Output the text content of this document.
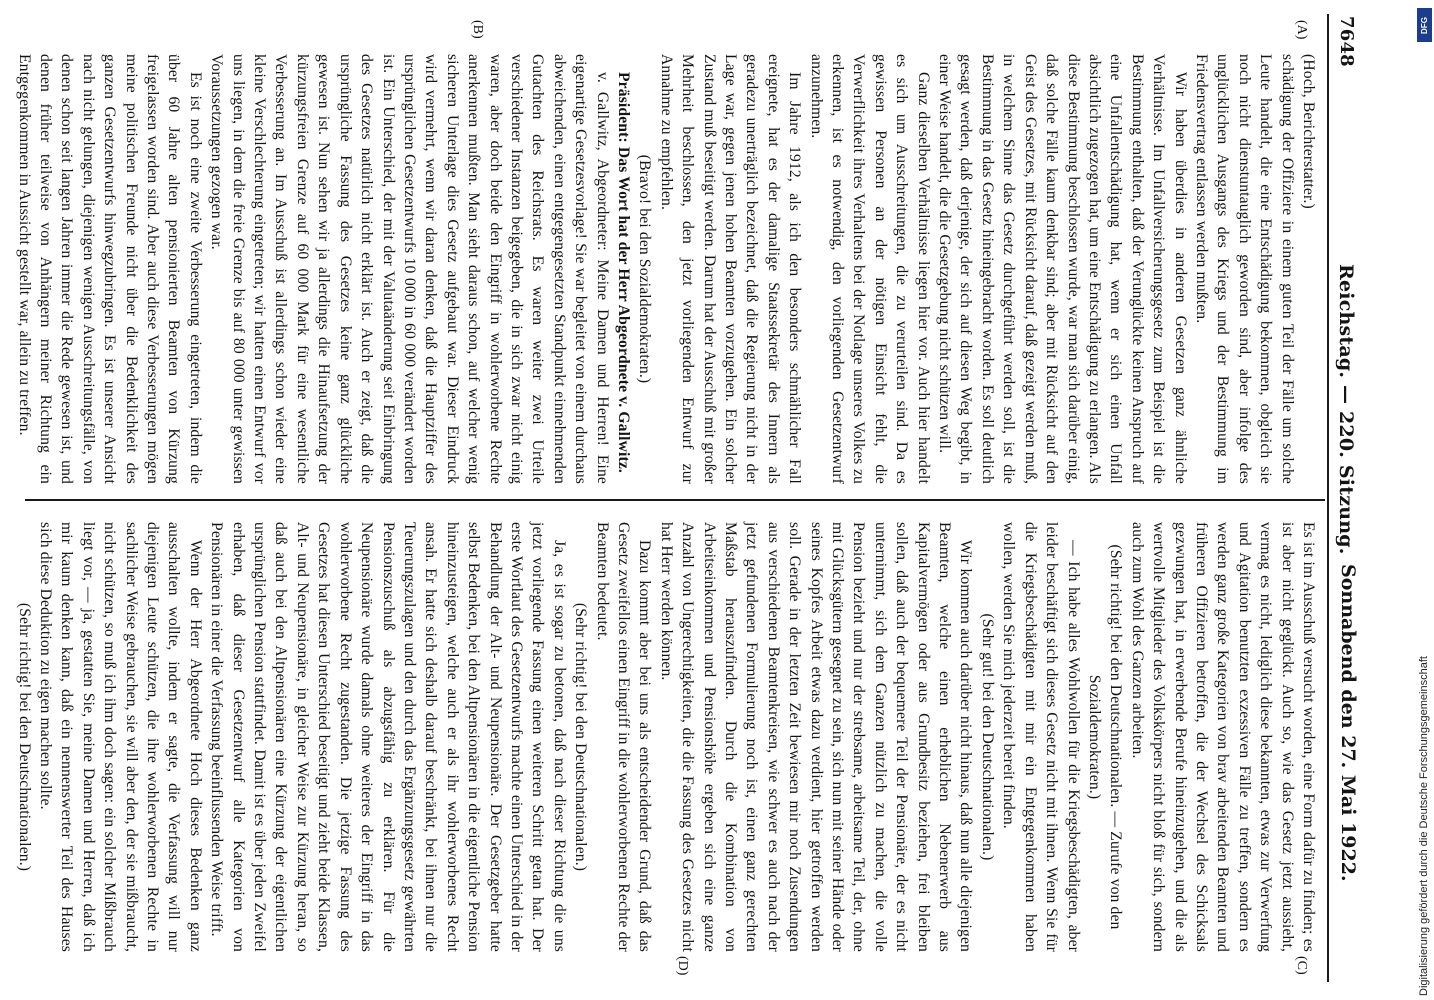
7648
Reichstag. — 220. Sitzung.
Sonnabend den 27. Mai 1922.
(A)
(B)
(C)
(D)

(Hoch, Berichterstatter.)

schädigung der Offiziere in einem guten Teil der Fälle um solche Leute handelt, die eine Entschädigung bekommen, obgleich sie noch nicht dienstuntauglich geworden sind, aber infolge des unglücklichen Ausgangs des Kriegs und der Bestimmung im Friedensvertrag entlassen werden mußten.

Wir haben überdies in anderen Gesetzen ganz ähnliche Verhältnisse. Im Unfallversicherungsgesetz zum Beispiel ist die Bestimmung enthalten, daß der Verunglückte keinen Anspruch auf eine Unfallentschädigung hat, wenn er sich einen Unfall absichtlich zugezogen hat, um eine Entschädigung zu erlangen. Als diese Bestimmung beschlossen wurde, war man sich darüber einig, daß solche Fälle kaum denkbar sind; aber mit Rücksicht auf den Geist des Gesetzes, mit Rücksicht darauf, daß gezeigt werden muß, in welchem Sinne das Gesetz durchgeführt werden soll, ist die Bestimmung in das Gesetz hineingebracht worden. Es soll deutlich gesagt werden, daß derjenige, der sich auf diesen Weg begibt, in einer Weise handelt, die die Gesetzgebung nicht schützen will.

Ganz dieselben Verhältnisse liegen hier vor. Auch hier handelt es sich um Ausschreitungen, die zu verurteilen sind. Da es gewissen Personen an der nötigen Einsicht fehlt, die Verwerflichkeit ihres Verhaltens bei der Notlage unseres Volkes zu erkennen, ist es notwendig, den vorliegenden Gesetzentwurf anzunehmen.

Im Jahre 1912, als ich den besonders schmählicher Fall ereignete, hat es der damalige Staatssekretär des Innern als geradezu unerträglich bezeichnet, daß die Regierung nicht in der Lage war, gegen jenen hohen Beamten vorzugehen. Ein solcher Zustand muß beseitigt werden. Darum hat der Ausschuß mit großer Mehrheit beschlossen, den jetzt vorliegenden Entwurf zur Annahme zu empfehlen.

(Bravo! bei den Sozialdemokraten.)

Präsident: Das Wort hat der Herr Abgeordnete v. Gallwitz.

v. Gallwitz, Abgeordneter: Meine Damen und Herren! Eine eigenartige Gesetzesvorlage! Sie war begleitet von einem durchaus abweichenden, einen entgegengesetzten Standpunkt einnehmenden Gutachten des Reichsrats. Es waren weiter zwei Urteile verschiedener Instanzen beigegeben, die in sich zwar nicht einig waren, aber doch beide den Eingriff in wohlerworbene Rechte anerkennen mußten. Man sieht daraus schon, auf welcher wenig sicheren Unterlage dies Gesetz aufgebaut war. Dieser Eindruck wird vermehrt, wenn wir daran denken, daß die Hauptziffer des ursprünglichen Gesetzentwurfs 10 000 in 60 000 verändert worden ist. Ein Unterschied, der mit der Valutaänderung seit Einbringung des Gesetzes natürlich nicht erklärt ist. Auch er zeigt, daß die ursprüngliche Fassung des Gesetzes keine ganz glückliche gewesen ist. Nun sehen wir ja allerdings die Hinaufsetzung der kürzungsfreien Grenze auf 60 000 Mark für eine wesentliche Verbesserung an. Im Ausschuß ist allerdings schon wieder eine kleine Verschlechterung eingetreten; wir hatten einen Entwurf vor uns liegen, in dem die freie Grenze bis auf 80 000 unter gewissen Voraussetzungen gezogen war.

Es ist noch eine zweite Verbesserung eingetreten, indem die über 60 Jahre alten pensionierten Beamten von Kürzung freigelassen worden sind. Aber auch diese Verbesserungen mögen meine politischen Freunde nicht über die Bedenklichkeit des ganzen Gesetzentwurfs hinwegzubringen. Es ist unserer Ansicht nach nicht gelungen, diejenigen wenigen Ausschreitungsfälle, von denen schon seit langen Jahren immer die Rede gewesen ist, und denen früher teilweise von Anhängern meiner Richtung ein Entgegenkommen in Aussicht gestellt war, allein zu treffen.

Es ist im Ausschuß versucht worden, eine Form dafür zu finden; es ist aber nicht geglückt. Auch so, wie das Gesetz jetzt aussieht, vermag es nicht, lediglich diese bekannten, etwas zur Verwerfung und Agitation benutzten exzessiven Fälle zu treffen, sondern es werden ganz große Kategorien von brav arbeitenden Beamten und früheren Offizieren betroffen, die der Wechsel des Schicksals gezwungen hat, in erwerbende Berufe hineinzugehen, und die als wertvolle Mitglieder des Volkskörpers nicht bloß für sich, sondern auch zum Wohl des Ganzen arbeiten.

(Sehr richtig! bei den Deutschnationalen. — Zurufe von den Sozialdemokraten.)

— Ich habe alles Wohlwollen für die Kriegsbeschädigten, aber leider beschäftigt sich dieses Gesetz nicht mit ihnen. Wenn Sie für die Kriegsbeschädigten mit mir ein Entgegenkommen haben wollen, werden Sie mich jederzeit bereit finden.

(Sehr gut! bei den Deutschnationalen.)

Wir kommen auch darüber nicht hinaus, daß nun alle diejenigen Beamten, welche einen erheblichen Nebenerwerb aus Kapitalvermögen oder aus Grundbesitz beziehen, frei bleiben sollen, daß auch der bequemere Teil der Pensionäre, der es nicht unternimmt, sich dem Ganzen nützlich zu machen, die volle Pension bezieht und nur der strebsame, arbeitsame Teil, der, ohne mit Glücksgütern gesegnet zu sein, sich nun mit seiner Hände oder seines Kopfes Arbeit etwas dazu verdient, hier getroffen werden soll. Gerade in der letzten Zeit bewiesen mir noch Zusendungen aus verschiedenen Beamtenkreisen, wie schwer es auch nach der jetzt gefundenen Formulierung noch ist, einen ganz gerechten Maßstab herauszufinden. Durch die Kombination von Arbeitseinkommen und Pensionshöhe ergeben sich eine ganze Anzahl von Ungerechtigkeiten, die die Fassung des Gesetzes nicht hat Herr werden können.

Dazu kommt aber bei uns als entscheidender Grund, daß das Gesetz zweifellos einen Eingriff in die wohlerworbenen Rechte der Beamten bedeutet.

(Sehr richtig! bei den Deutschnationalen.)

Ja, es ist sogar zu betonen, daß nach dieser Richtung die uns jetzt vorliegende Fassung einen weiteren Schritt getan hat. Der erste Wortlaut des Gesetzentwurfs machte einen Unterschied in der Behandlung der Alt- und Neupensionäre. Der Gesetzgeber hatte selbst Bedenken, bei den Altpensionären in die eigentliche Pension hineinzusteigen, welche auch er als ihr wohlerworbenes Recht ansah. Er hatte sich deshalb darauf beschränkt, bei ihnen nur die Teuerungszulagen und den durch das Ergänzungsgesetz gewährten Pensionszuschuß als abzugsfähig zu erklären. Für die Neupensionäre wurde damals ohne weiteres der Eingriff in das wohlerworbene Recht zugestanden. Die jetzige Fassung des Gesetzes hat diesen Unterschied beseitigt und zieht beide Klassen, Alt- und Neupensionäre, in gleicher Weise zur Kürzung heran, so daß auch bei den Altpensionären eine Kürzung der eigentlichen ursprünglichen Pension stattfindet. Damit ist es über jeden Zweifel erhaben, daß dieser Gesetzentwurf alle Kategorien von Pensionären in einer die Verfassung beeinflussenden Weise trifft.

Wenn der Herr Abgeordnete Hoch dieses Bedenken ganz ausschalten wollte, indem er sagte, die Verfassung will nur diejenigen Leute schützen, die ihre wohlerworbenen Rechte in sachlicher Weise gebrauchen, sie will aber den, der sie mißbraucht, nicht schützen, so muß ich ihm doch sagen: ein solcher Mißbrauch liegt vor, — ja, gestatten Sie, meine Damen und Herren, daß ich mir kaum denken kann, daß ein nennenswerter Teil des Hauses sich diese Deduktion zu eigen machen sollte.

(Sehr richtig! bei den Deutschnationalen.)	Digitalisierung gefördert durch die Deutsche Forschungsgemeinschaft
DFG
